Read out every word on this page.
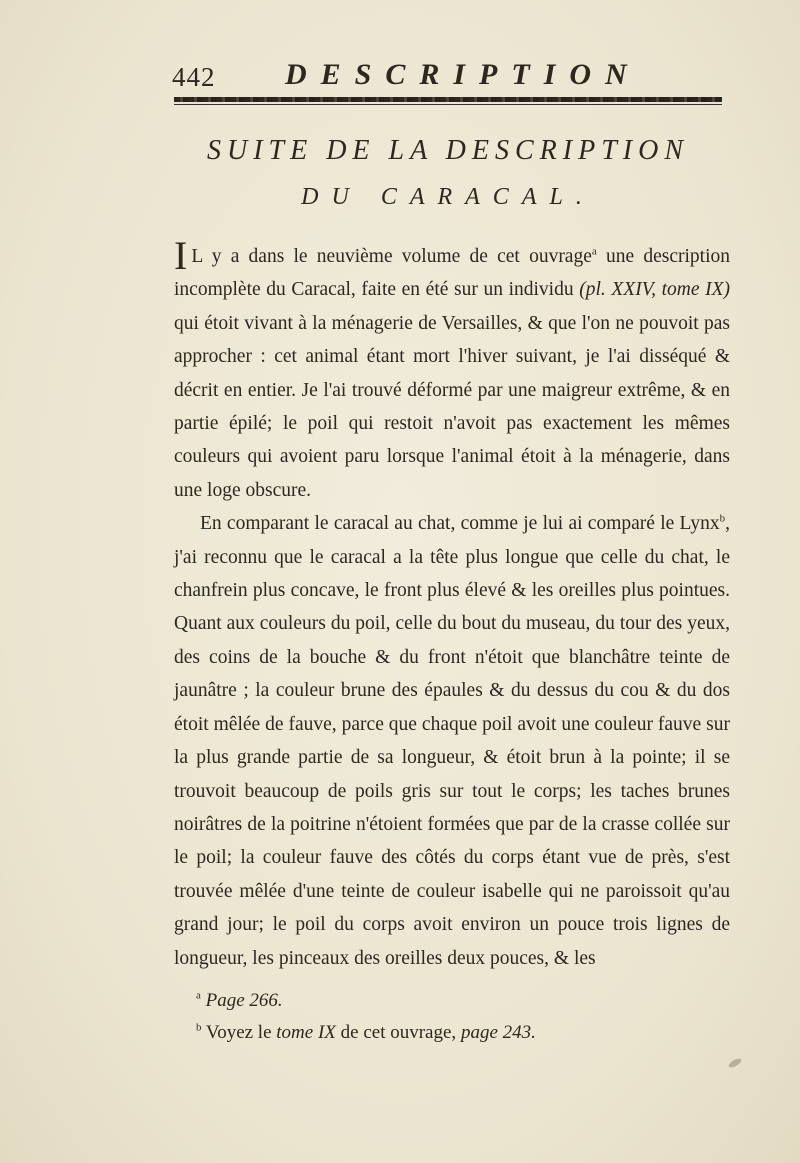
442 DESCRIPTION
SUITE DE LA DESCRIPTION
DU CARACAL.

I L y a dans le neuvième volume de cet ouvrage$^a$ une description incomplète du Caracal, faite en été sur un individu (pl. XXIV, tome IX) qui étoit vivant à la ménagerie de Versailles, & que l'on ne pouvoit pas approcher : cet animal étant mort l'hiver suivant, je l'ai disséqué & décrit en entier. Je l'ai trouvé déformé par une maigreur extrême, & en partie épilé; le poil qui restoit n'avoit pas exactement les mêmes couleurs qui avoient paru lorsque l'animal étoit à la ménagerie, dans une loge obscure.

En comparant le caracal au chat, comme je lui ai comparé le Lynx$^b$, j'ai reconnu que le caracal a la tête plus longue que celle du chat, le chanfrein plus concave, le front plus élevé & les oreilles plus pointues. Quant aux couleurs du poil, celle du bout du museau, du tour des yeux, des coins de la bouche & du front n'étoit que blanchâtre teinte de jaunâtre ; la couleur brune des épaules & du dessus du cou & du dos étoit mêlée de fauve, parce que chaque poil avoit une couleur fauve sur la plus grande partie de sa longueur, & étoit brun à la pointe; il se trouvoit beaucoup de poils gris sur tout le corps; les taches brunes noirâtres de la poitrine n'étoient formées que par de la crasse collée sur le poil; la couleur fauve des côtés du corps étant vue de près, s'est trouvée mêlée d'une teinte de couleur isabelle qui ne paroissoit qu'au grand jour; le poil du corps avoit environ un pouce trois lignes de longueur, les pinceaux des oreilles deux pouces, & les

$^a$ Page 266.
$^b$ Voyez le tome IX de cet ouvrage, page 243.
